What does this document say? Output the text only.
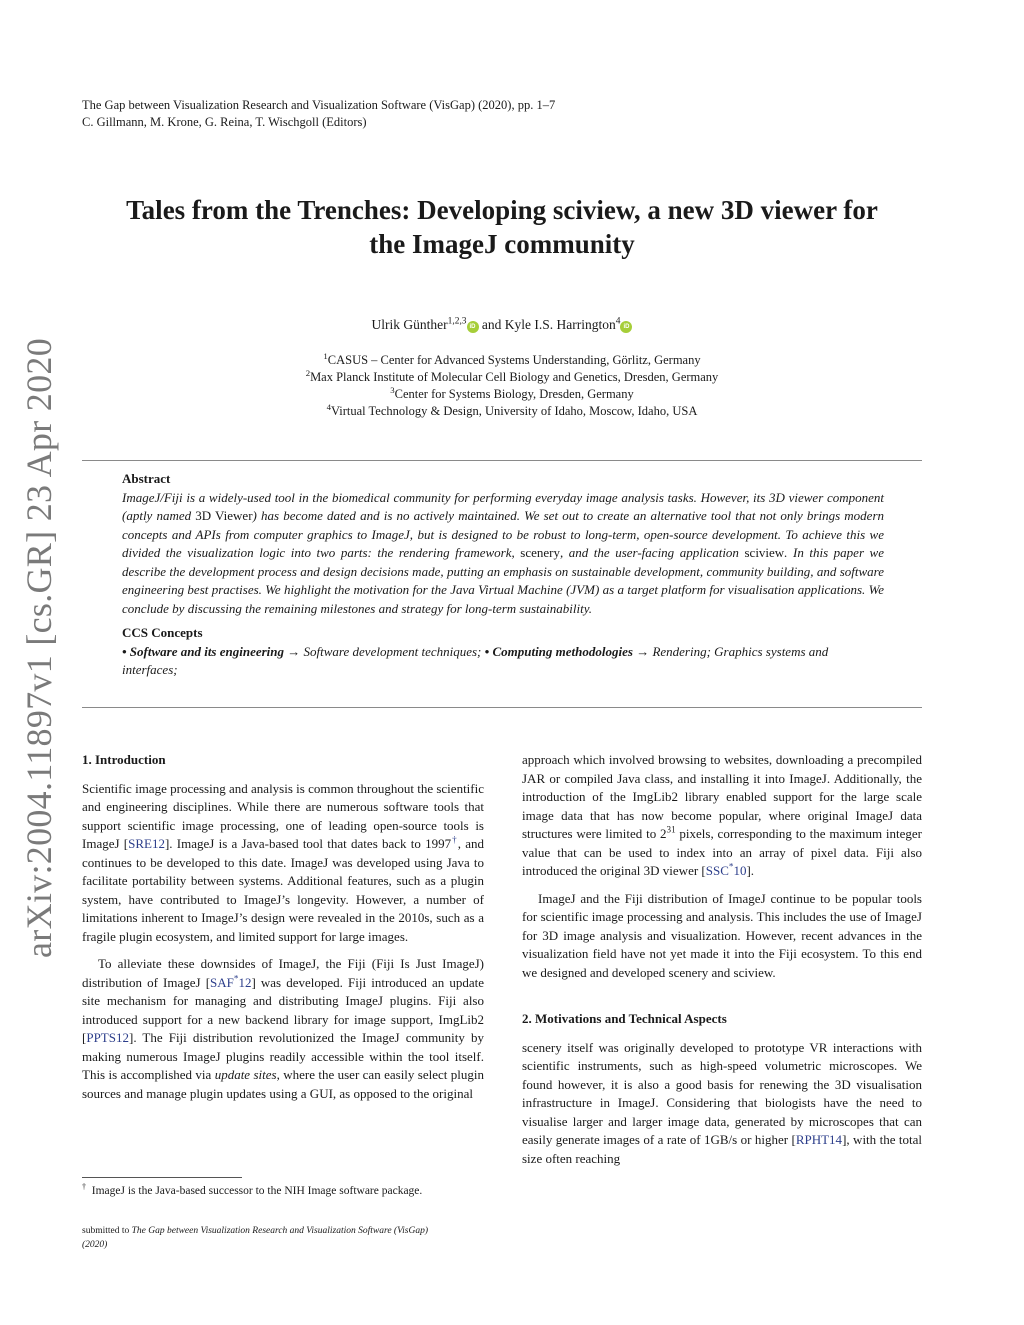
The Gap between Visualization Research and Visualization Software (VisGap) (2020), pp. 1–7
C. Gillmann, M. Krone, G. Reina, T. Wischgoll (Editors)
arXiv:2004.11897v1 [cs.GR] 23 Apr 2020
Tales from the Trenches: Developing sciview, a new 3D viewer for
the ImageJ community
Ulrik Günther$^{1,2,3}$iD and Kyle I.S. Harrington$^4$iD
$^1$CASUS – Center for Advanced Systems Understanding, Görlitz, Germany
$^2$Max Planck Institute of Molecular Cell Biology and Genetics, Dresden, Germany
$^3$Center for Systems Biology, Dresden, Germany
$^4$Virtual Technology & Design, University of Idaho, Moscow, Idaho, USA
Abstract

ImageJ/Fiji is a widely-used tool in the biomedical community for performing everyday image analysis tasks. However, its 3D viewer component (aptly named 3D Viewer) has become dated and is no actively maintained. We set out to create an alternative tool that not only brings modern concepts and APIs from computer graphics to ImageJ, but is designed to be robust to long-term, open-source development. To achieve this we divided the visualization logic into two parts: the rendering framework, scenery, and the user-facing application sciview. In this paper we describe the development process and design decisions made, putting an emphasis on sustainable development, community building, and software engineering best practises. We highlight the motivation for the Java Virtual Machine (JVM) as a target platform for visualisation applications. We conclude by discussing the remaining milestones and strategy for long-term sustainability.

CCS Concepts

• Software and its engineering → Software development techniques; • Computing methodologies → Rendering; Graphics systems and interfaces;

1. Introduction

Scientific image processing and analysis is common throughout the scientific and engineering disciplines. While there are numerous software tools that support scientific image processing, one of leading open-source tools is ImageJ [SRE12]. ImageJ is a Java-based tool that dates back to 1997†, and continues to be developed to this date. ImageJ was developed using Java to facilitate portability between systems. Additional features, such as a plugin system, have contributed to ImageJ’s longevity. However, a number of limitations inherent to ImageJ’s design were revealed in the 2010s, such as a fragile plugin ecosystem, and limited support for large images.

To alleviate these downsides of ImageJ, the Fiji (Fiji Is Just ImageJ) distribution of ImageJ [SAF*12] was developed. Fiji introduced an update site mechanism for managing and distributing ImageJ plugins. Fiji also introduced support for a new backend library for image support, ImgLib2 [PPTS12]. The Fiji distribution revolutionized the ImageJ community by making numerous ImageJ plugins readily accessible within the tool itself. This is accomplished via update sites, where the user can easily select plugin sources and manage plugin updates using a GUI, as opposed to the original

† ImageJ is the Java-based successor to the NIH Image software package.
submitted to The Gap between Visualization Research and Visualization Software (VisGap)
(2020)

approach which involved browsing to websites, downloading a precompiled JAR or compiled Java class, and installing it into ImageJ. Additionally, the introduction of the ImgLib2 library enabled support for the large scale image data that has now become popular, where original ImageJ data structures were limited to $2^{31}$ pixels, corresponding to the maximum integer value that can be used to index into an array of pixel data. Fiji also introduced the original 3D viewer [SSC*10].

ImageJ and the Fiji distribution of ImageJ continue to be popular tools for scientific image processing and analysis. This includes the use of ImageJ for 3D image analysis and visualization. However, recent advances in the visualization field have not yet made it into the Fiji ecosystem. To this end we designed and developed scenery and sciview.

2. Motivations and Technical Aspects

scenery itself was originally developed to prototype VR interactions with scientific instruments, such as high-speed volumetric microscopes. We found however, it is also a good basis for renewing the 3D visualisation infrastructure in ImageJ. Considering that biologists have the need to visualise larger and larger image data, generated by microscopes that can easily generate images of a rate of 1GB/s or higher [RPHT14], with the total size often reaching
